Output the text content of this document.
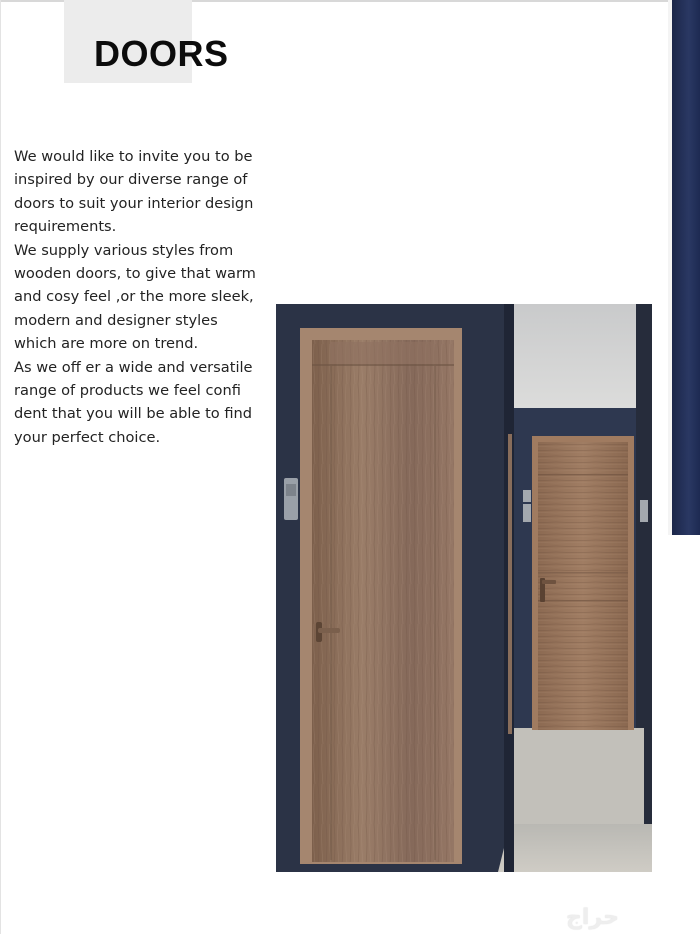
DOORS

We would like to invite you to be inspired by our diverse range of doors to suit your interior design requirements.

We supply various styles from wooden doors, to give that warm and cosy feel ,or the more sleek, modern and designer styles which are more on trend.

As we off er a wide and versatile range of products we feel confi dent that you will be able to find your perfect choice.

حراج
